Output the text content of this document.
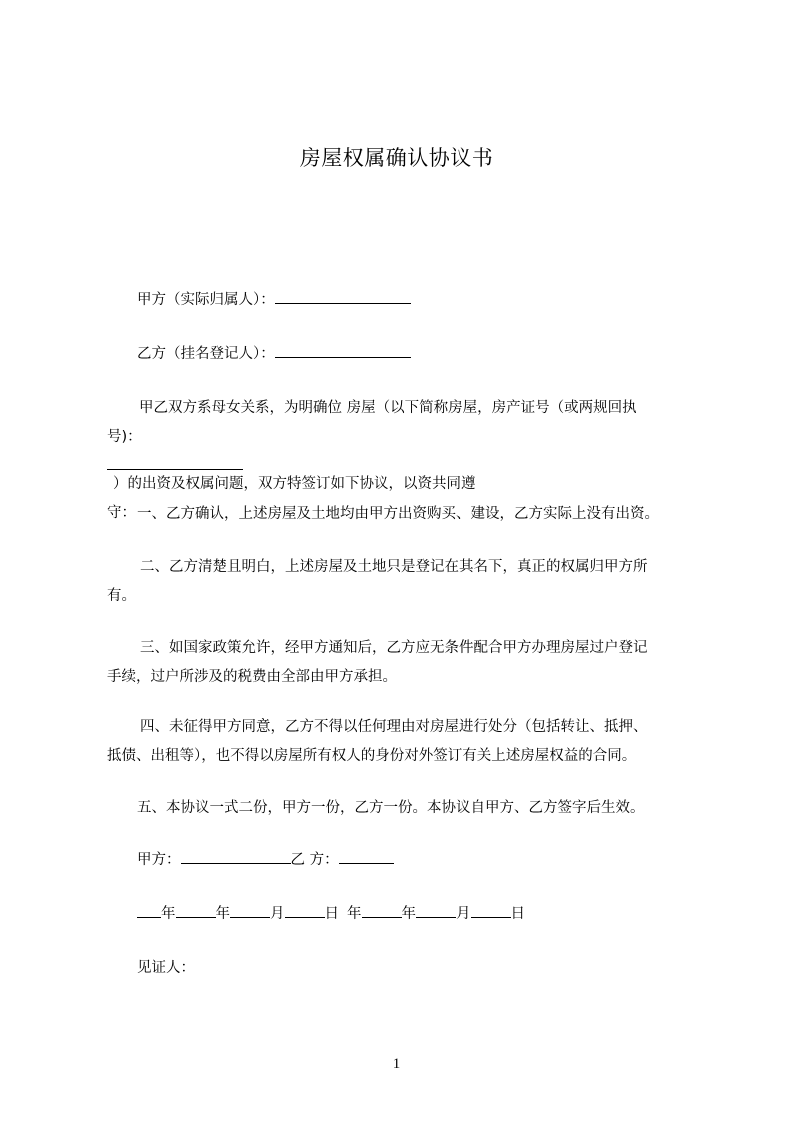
房屋权属确认协议书
甲方（实际归属人）：
乙方（挂名登记人）：
甲乙双方系母女关系，为明确位 房屋（以下简称房屋，房产证号（或两规回执
号)：
）的出资及权属问题，双方特签订如下协议，以资共同遵
守： 一、乙方确认，上述房屋及土地均由甲方出资购买、建设，乙方实际上没有出资。
二、乙方清楚且明白，上述房屋及土地只是登记在其名下，真正的权属归甲方所
有。
三、如国家政策允许，经甲方通知后，乙方应无条件配合甲方办理房屋过户登记
手续，过户所涉及的税费由全部由甲方承担。
四、未征得甲方同意，乙方不得以任何理由对房屋进行处分（包括转让、抵押、
抵债、出租等），也不得以房屋所有权人的身份对外签订有关上述房屋权益的合同。
五、本协议一式二份，甲方一份，乙方一份。本协议自甲方、乙方签字后生效。
甲方：	乙 方：
年	年	月	日 年	年	月	日
见证人：
1
